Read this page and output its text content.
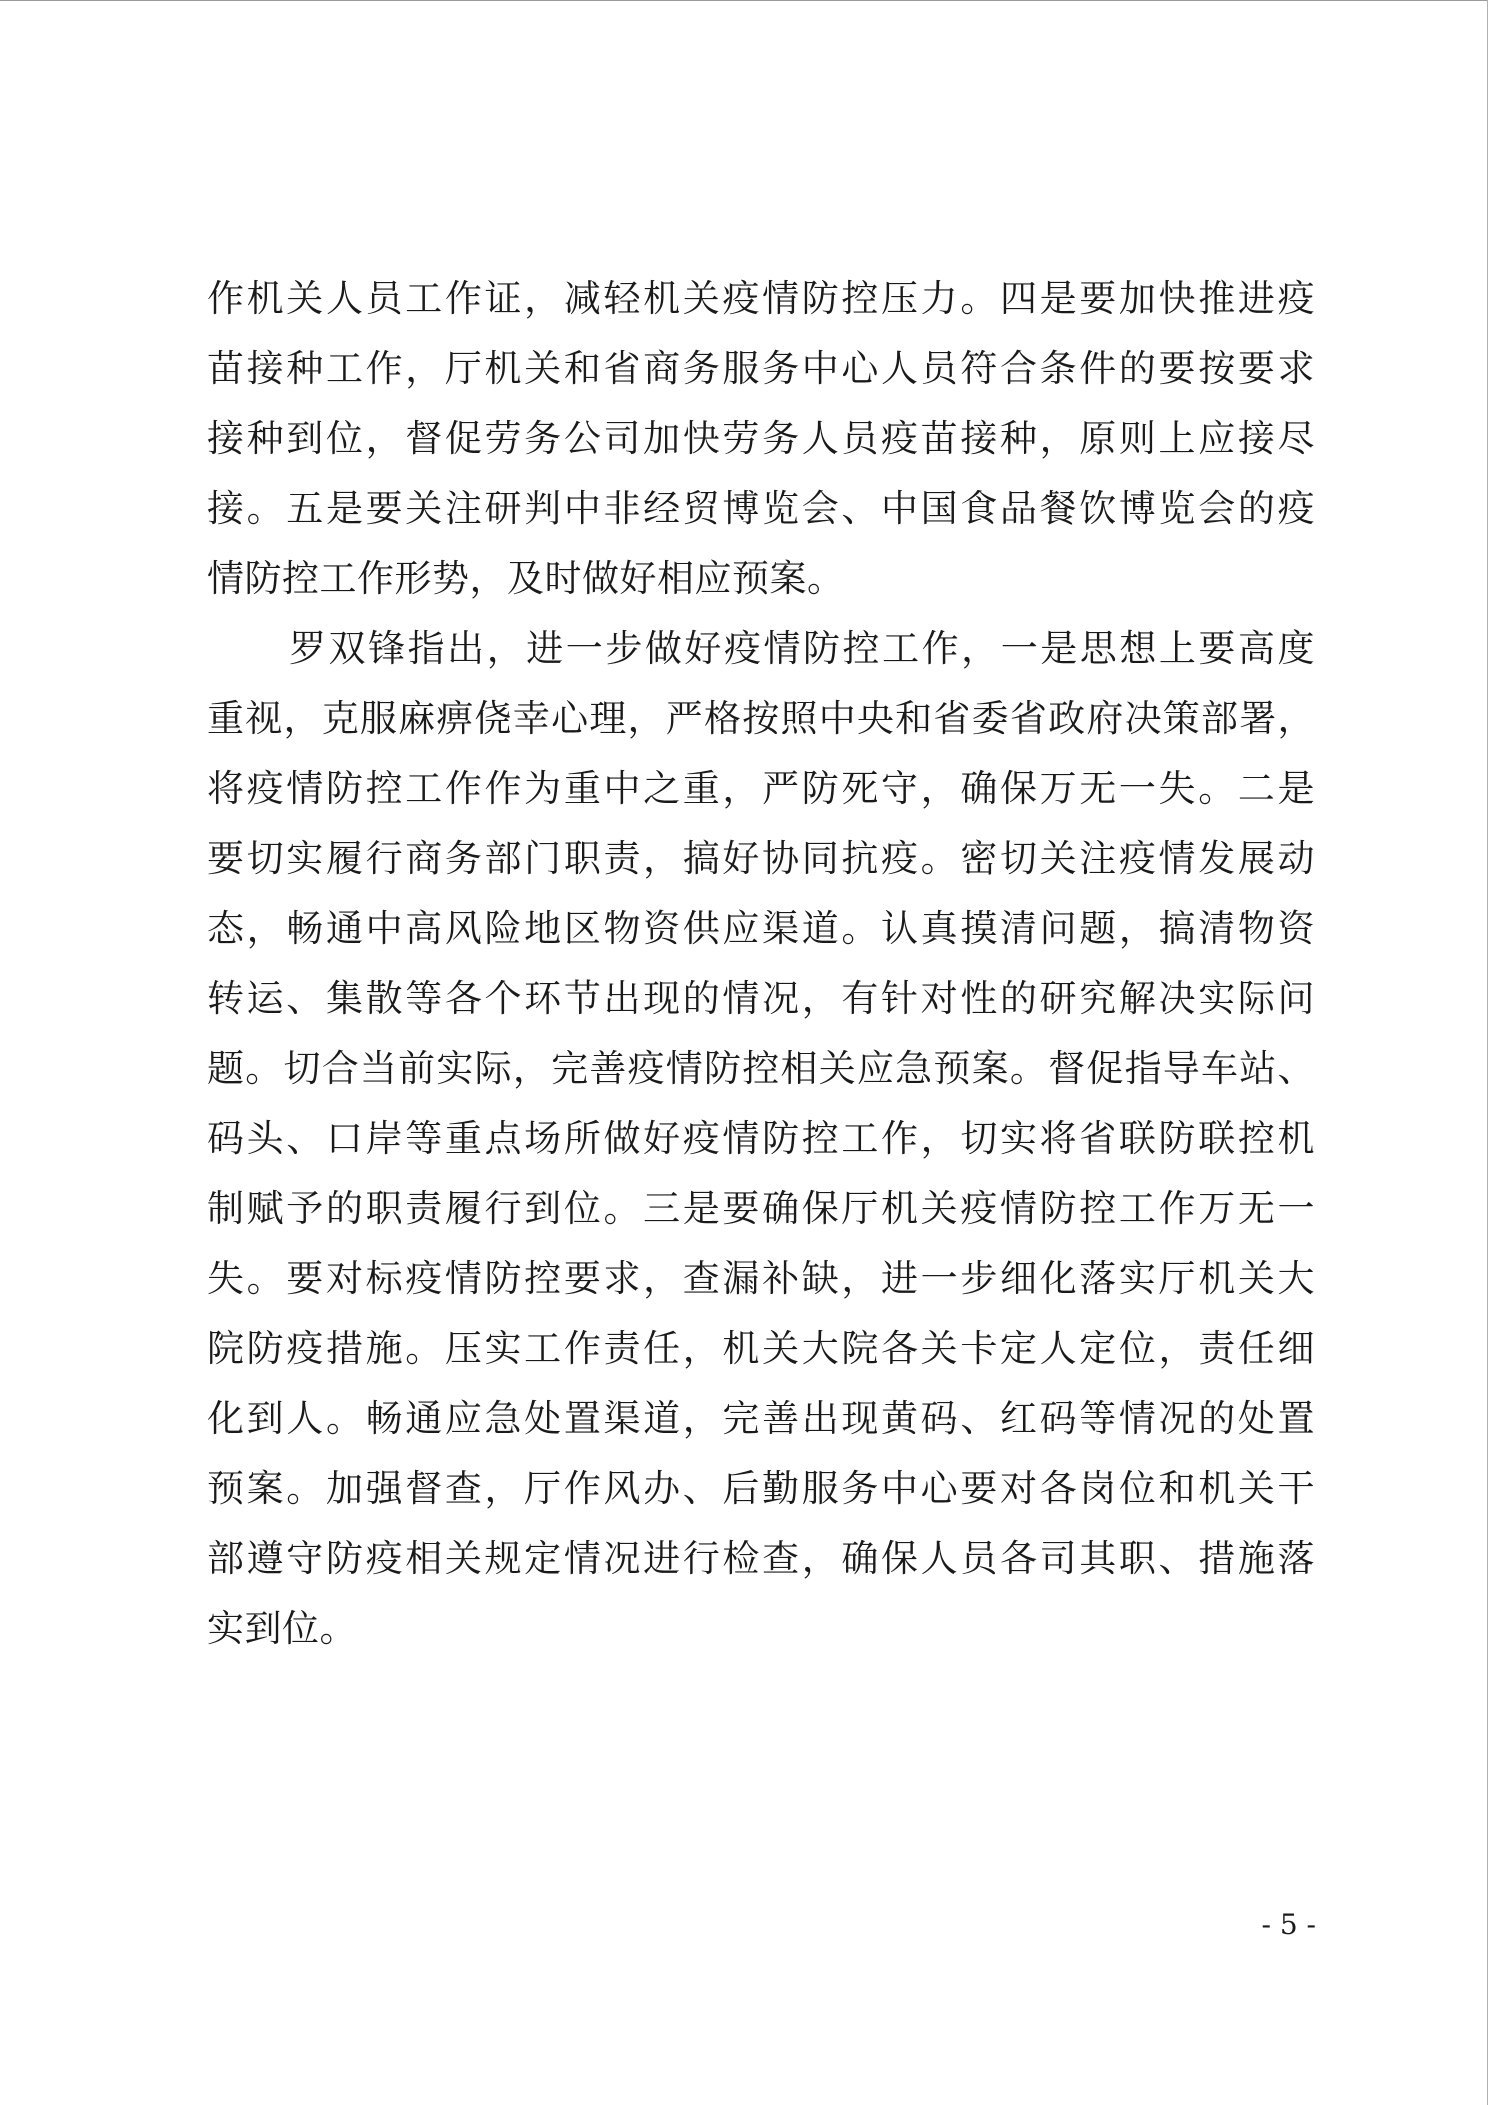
作机关人员工作证，减轻机关疫情防控压力。四是要加快推进疫
苗接种工作，厅机关和省商务服务中心人员符合条件的要按要求
接种到位，督促劳务公司加快劳务人员疫苗接种，原则上应接尽
接。五是要关注研判中非经贸博览会、中国食品餐饮博览会的疫
情防控工作形势，及时做好相应预案。
罗双锋指出，进一步做好疫情防控工作，一是思想上要高度
重视，克服麻痹侥幸心理，严格按照中央和省委省政府决策部署，
将疫情防控工作作为重中之重，严防死守，确保万无一失。二是
要切实履行商务部门职责，搞好协同抗疫。密切关注疫情发展动
态，畅通中高风险地区物资供应渠道。认真摸清问题，搞清物资
转运、集散等各个环节出现的情况，有针对性的研究解决实际问
题。切合当前实际，完善疫情防控相关应急预案。督促指导车站、
码头、口岸等重点场所做好疫情防控工作，切实将省联防联控机
制赋予的职责履行到位。三是要确保厅机关疫情防控工作万无一
失。要对标疫情防控要求，查漏补缺，进一步细化落实厅机关大
院防疫措施。压实工作责任，机关大院各关卡定人定位，责任细
化到人。畅通应急处置渠道，完善出现黄码、红码等情况的处置
预案。加强督查，厅作风办、后勤服务中心要对各岗位和机关干
部遵守防疫相关规定情况进行检查，确保人员各司其职、措施落
实到位。
- 5 -
